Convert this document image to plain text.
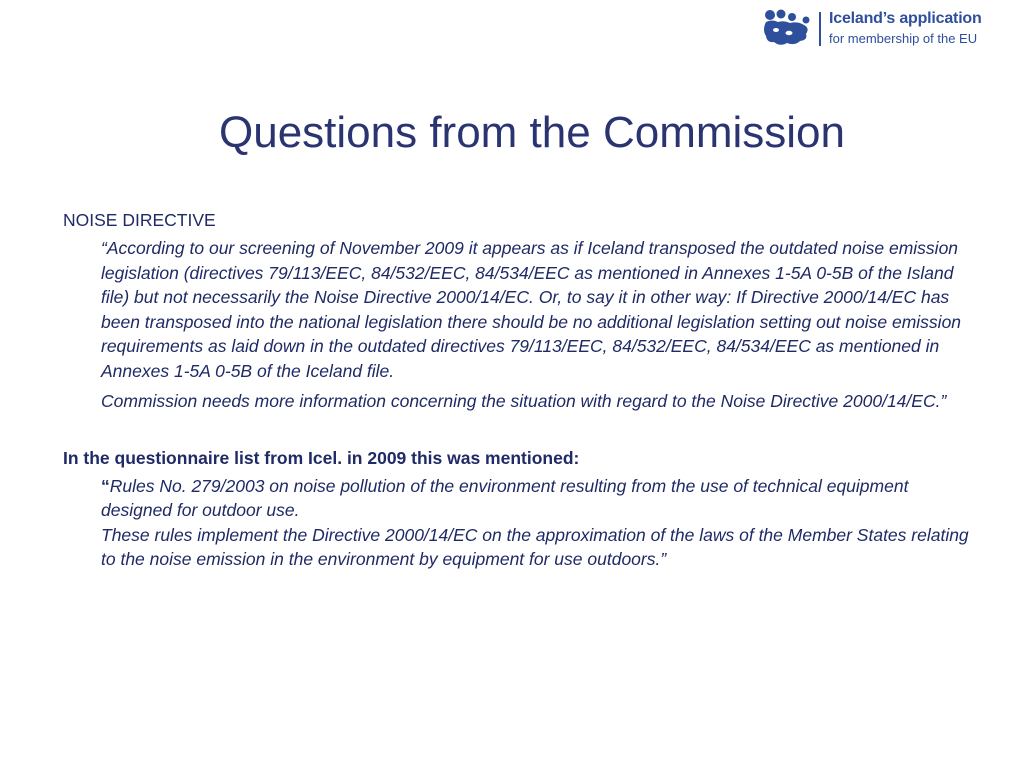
Iceland’s application
for membership of the EU
Questions from the Commission
NOISE DIRECTIVE

“According to our screening of November 2009 it appears as if Iceland transposed the outdated noise emission legislation (directives 79/113/EEC, 84/532/EEC, 84/534/EEC as mentioned in Annexes 1-5A 0-5B of the Island file) but not necessarily the Noise Directive 2000/14/EC. Or, to say it in other way: If Directive 2000/14/EC has been transposed into the national legislation there should be no additional legislation setting out noise emission requirements as laid down in the outdated directives 79/113/EEC, 84/532/EEC, 84/534/EEC as mentioned in Annexes 1-5A 0-5B of the Iceland file.

Commission needs more information concerning the situation with regard to the Noise Directive 2000/14/EC.”

In the questionnaire list from Icel. in 2009 this was mentioned:

“Rules No. 279/2003 on noise pollution of the environment resulting from the use of technical equipment designed for outdoor use.

These rules implement the Directive 2000/14/EC on the approximation of the laws of the Member States relating to the noise emission in the environment by equipment for use outdoors.”
